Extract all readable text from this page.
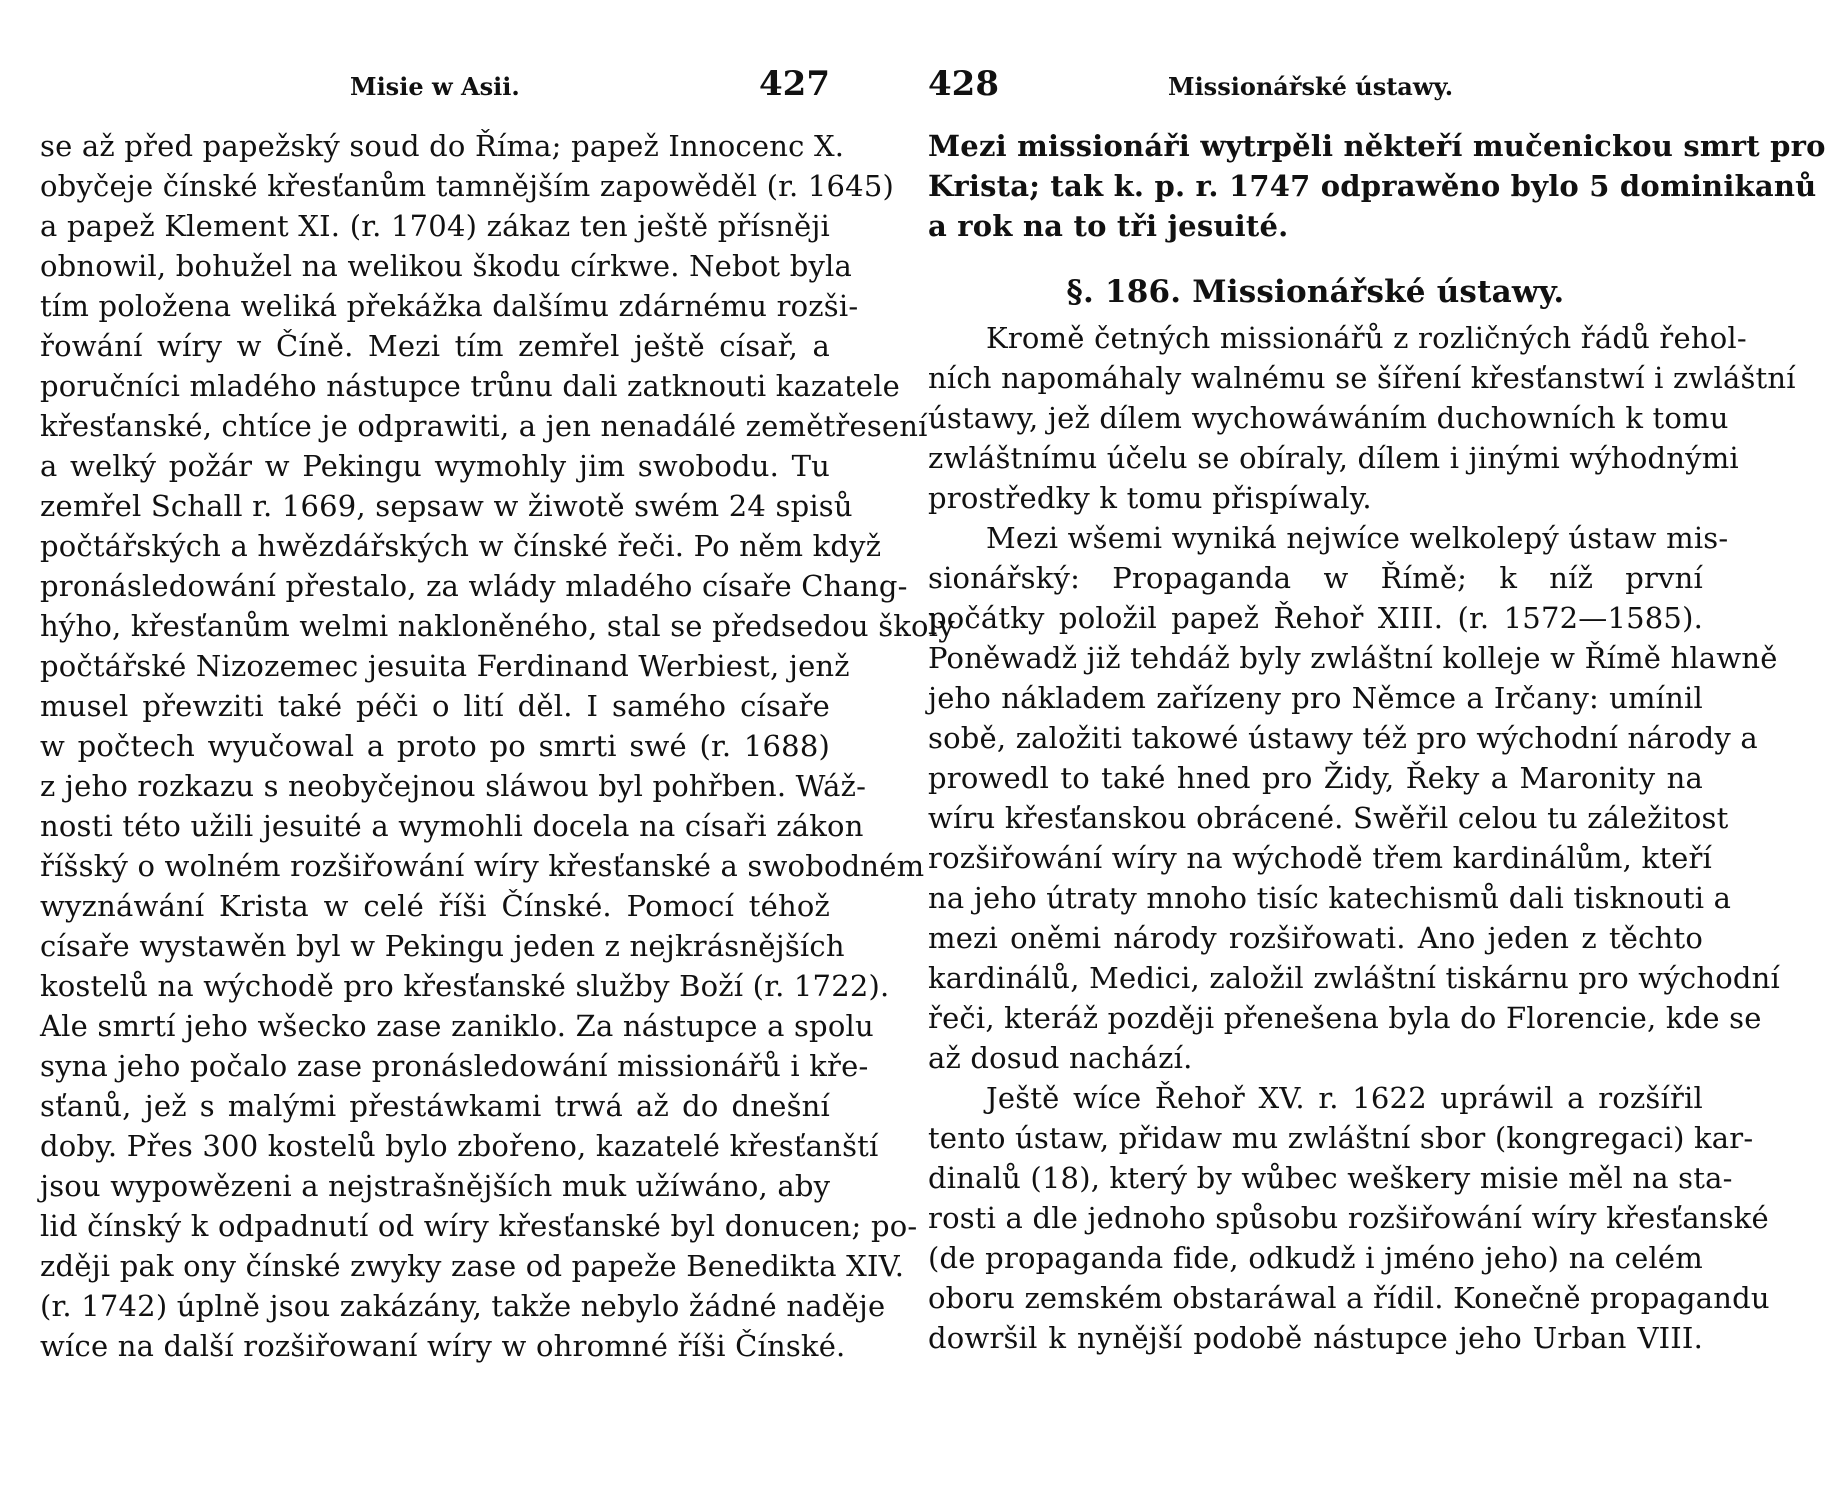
Misie w Asii.	427
se až před papežský soud do Říma; papež Innocenc X.
obyčeje čínské křesťanům tamnějším zapowěděl (r. 1645)
a papež Klement XI. (r. 1704) zákaz ten ještě přísněji
obnowil, bohužel na welikou škodu církwe. Nebot byla
tím položena weliká překážka dalšímu zdárnému rozši-
řowání wíry w Číně. Mezi tím zemřel ještě císař, a
poručníci mladého nástupce trůnu dali zatknouti kazatele
křesťanské, chtíce je odprawiti, a jen nenadálé zemětřesení
a welký požár w Pekingu wymohly jim swobodu. Tu
zemřel Schall r. 1669, sepsaw w žiwotě swém 24 spisů
počtářských a hwězdářských w čínské řeči. Po něm když
pronásledowání přestalo, za wlády mladého císaře Chang-
hýho, křesťanům welmi nakloněného, stal se předsedou školy
počtářské Nizozemec jesuita Ferdinand Werbiest, jenž
musel přewziti také péči o lití děl. I samého císaře
w počtech wyučowal a proto po smrti swé (r. 1688)
z jeho rozkazu s neobyčejnou sláwou byl pohřben. Wáž-
nosti této užili jesuité a wymohli docela na císaři zákon
říšský o wolném rozšiřowání wíry křesťanské a swobodném
wyznáwání Krista w celé říši Čínské. Pomocí téhož
císaře wystawěn byl w Pekingu jeden z nejkrásnějších
kostelů na wýchodě pro křesťanské služby Boží (r. 1722).
Ale smrtí jeho wšecko zase zaniklo. Za nástupce a spolu
syna jeho počalo zase pronásledowání missionářů i kře-
sťanů, jež s malými přestáwkami trwá až do dnešní
doby. Přes 300 kostelů bylo zbořeno, kazatelé křesťanští
jsou wypowězeni a nejstrašnějších muk užíwáno, aby
lid čínský k odpadnutí od wíry křesťanské byl donucen; po-
zději pak ony čínské zwyky zase od papeže Benedikta XIV.
(r. 1742) úplně jsou zakázány, takže nebylo žádné naděje
wíce na další rozšiřowaní wíry w ohromné říši Čínské.
428	Missionářské ústawy.
Mezi missionáři wytrpěli někteří mučenickou smrt pro
Krista; tak k. p. r. 1747 odprawěno bylo 5 dominikanů
a rok na to tři jesuité.
§. 186. Missionářské ústawy.
Kromě četných missionářů z rozličných řádů řehol-
ních napomáhaly walnému se šíření křesťanstwí i zwláštní
ústawy, jež dílem wychowáwáním duchowních k tomu
zwláštnímu účelu se obíraly, dílem i jinými wýhodnými
prostředky k tomu přispíwaly.
Mezi wšemi wyniká nejwíce welkolepý ústaw mis-
sionářský: Propaganda w Římě; k níž první
počátky položil papež Řehoř XIII. (r. 1572—1585).
Poněwadž již tehdáž byly zwláštní kolleje w Římě hlawně
jeho nákladem zařízeny pro Němce a Irčany: umínil
sobě, založiti takowé ústawy též pro wýchodní národy a
prowedl to také hned pro Židy, Řeky a Maronity na
wíru křesťanskou obrácené. Swěřil celou tu záležitost
rozšiřowání wíry na wýchodě třem kardinálům, kteří
na jeho útraty mnoho tisíc katechismů dali tisknouti a
mezi oněmi národy rozšiřowati. Ano jeden z těchto
kardinálů, Medici, založil zwláštní tiskárnu pro wýchodní
řeči, kteráž později přenešena byla do Florencie, kde se
až dosud nachází.
Ještě wíce Řehoř XV. r. 1622 upráwil a rozšířil
tento ústaw, přidaw mu zwláštní sbor (kongregaci) kar-
dinalů (18), který by wůbec weškery misie měl na sta-
rosti a dle jednoho spůsobu rozšiřowání wíry křesťanské
(de propaganda fide, odkudž i jméno jeho) na celém
oboru zemském obstaráwal a řídil. Konečně propagandu
dowršil k nynější podobě nástupce jeho Urban VIII.
